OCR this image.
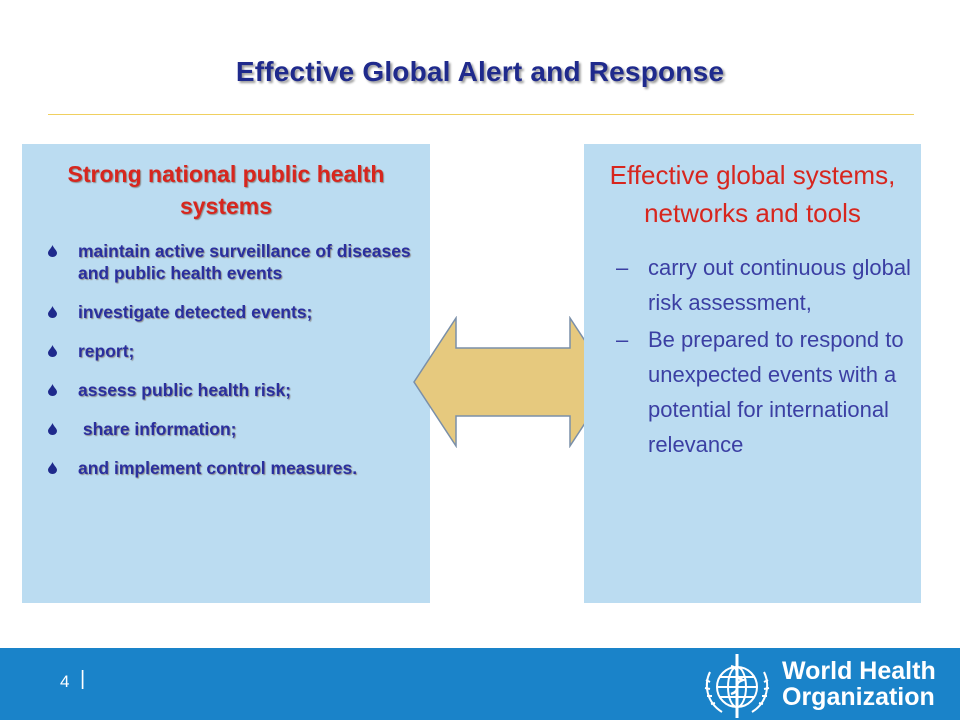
Effective Global Alert and Response
Strong national public health systems
maintain active surveillance of diseases and public health events
investigate detected events;
report;
assess public health risk;
share information;
and implement control measures.
Effective global systems, networks and tools
– carry out continuous global risk assessment,
– Be prepared to respond to unexpected events with a potential for international relevance
4 |	World Health
Organization
